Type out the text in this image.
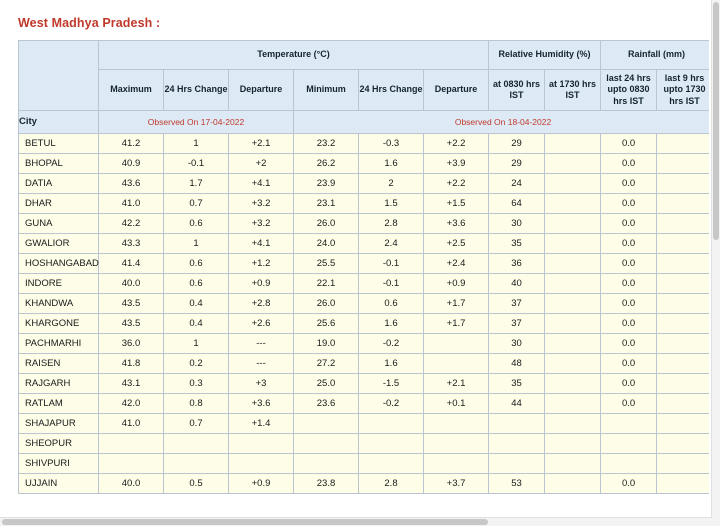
West Madhya Pradesh :
	Temperature (°C)						Relative Humidity (%)		Rainfall (mm)	
	Maximum	24 Hrs Change	Departure	Minimum	24 Hrs Change	Departure	at 0830 hrs IST	at 1730 hrs IST	last 24 hrs upto 0830 hrs IST	last 9 hrs upto 1730 hrs IST
City	Observed On 17-04-2022			Observed On 18-04-2022						
BETUL	41.2	1	+2.1	23.2	-0.3	+2.2	29		0.0	
BHOPAL	40.9	-0.1	+2	26.2	1.6	+3.9	29		0.0	
DATIA	43.6	1.7	+4.1	23.9	2	+2.2	24		0.0	
DHAR	41.0	0.7	+3.2	23.1	1.5	+1.5	64		0.0	
GUNA	42.2	0.6	+3.2	26.0	2.8	+3.6	30		0.0	
GWALIOR	43.3	1	+4.1	24.0	2.4	+2.5	35		0.0	
HOSHANGABAD	41.4	0.6	+1.2	25.5	-0.1	+2.4	36		0.0	
INDORE	40.0	0.6	+0.9	22.1	-0.1	+0.9	40		0.0	
KHANDWA	43.5	0.4	+2.8	26.0	0.6	+1.7	37		0.0	
KHARGONE	43.5	0.4	+2.6	25.6	1.6	+1.7	37		0.0	
PACHMARHI	36.0	1	---	19.0	-0.2		30		0.0	
RAISEN	41.8	0.2	---	27.2	1.6		48		0.0	
RAJGARH	43.1	0.3	+3	25.0	-1.5	+2.1	35		0.0	
RATLAM	42.0	0.8	+3.6	23.6	-0.2	+0.1	44		0.0	
SHAJAPUR	41.0	0.7	+1.4							
SHEOPUR										
SHIVPURI										
UJJAIN	40.0	0.5	+0.9	23.8	2.8	+3.7	53		0.0	
